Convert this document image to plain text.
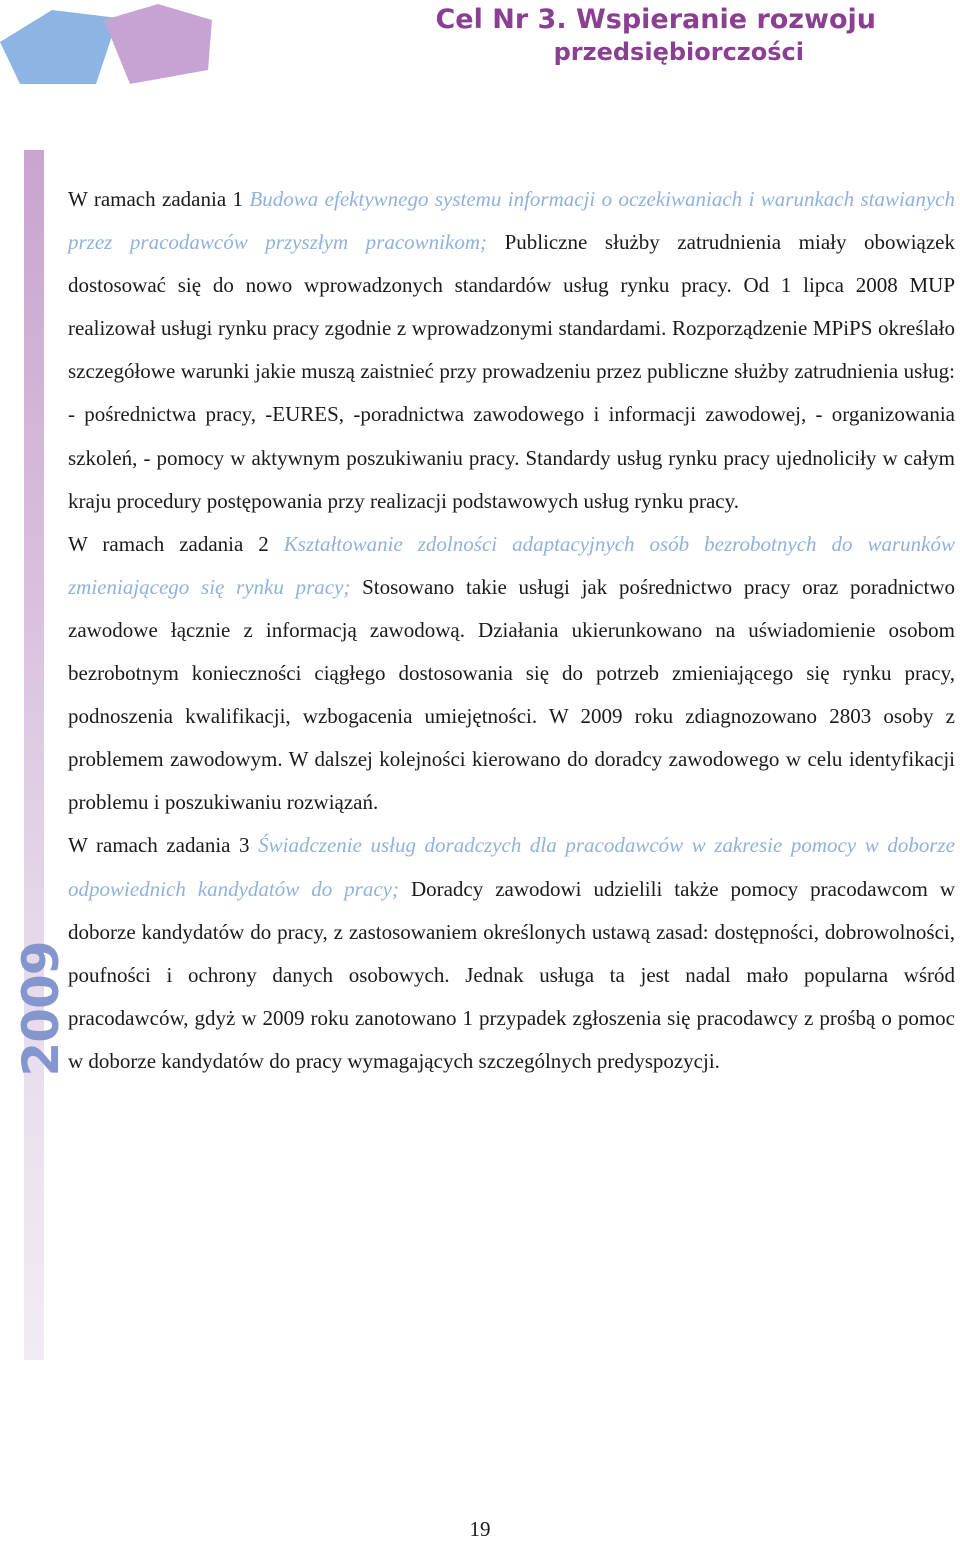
Cel Nr 3. Wspieranie rozwoju
przedsiębiorczości
2009

W ramach zadania 1 Budowa efektywnego systemu informacji o oczekiwaniach i warunkach stawianych przez pracodawców przyszłym pracownikom; Publiczne służby zatrudnienia miały obowiązek dostosować się do nowo wprowadzonych standardów usług rynku pracy. Od 1 lipca 2008 MUP realizował usługi rynku pracy zgodnie z wprowadzonymi standardami. Rozporządzenie MPiPS określało szczegółowe warunki jakie muszą zaistnieć przy prowadzeniu przez publiczne służby zatrudnienia usług: - pośrednictwa pracy, -EURES, -poradnictwa zawodowego i informacji zawodowej, - organizowania szkoleń, - pomocy w aktywnym poszukiwaniu pracy. Standardy usług rynku pracy ujednoliciły w całym kraju procedury postępowania przy realizacji podstawowych usług rynku pracy.

W ramach zadania 2 Kształtowanie zdolności adaptacyjnych osób bezrobotnych do warunków zmieniającego się rynku pracy; Stosowano takie usługi jak pośrednictwo pracy oraz poradnictwo zawodowe łącznie z informacją zawodową. Działania ukierunkowano na uświadomienie osobom bezrobotnym konieczności ciągłego dostosowania się do potrzeb zmieniającego się rynku pracy, podnoszenia kwalifikacji, wzbogacenia umiejętności. W 2009 roku zdiagnozowano 2803 osoby z problemem zawodowym. W dalszej kolejności kierowano do doradcy zawodowego w celu identyfikacji problemu i poszukiwaniu rozwiązań.

W ramach zadania 3 Świadczenie usług doradczych dla pracodawców w zakresie pomocy w doborze odpowiednich kandydatów do pracy; Doradcy zawodowi udzielili także pomocy pracodawcom w doborze kandydatów do pracy, z zastosowaniem określonych ustawą zasad: dostępności, dobrowolności, poufności i ochrony danych osobowych. Jednak usługa ta jest nadal mało popularna wśród pracodawców, gdyż w 2009 roku zanotowano 1 przypadek zgłoszenia się pracodawcy z prośbą o pomoc w doborze kandydatów do pracy wymagających szczególnych predyspozycji.

19
